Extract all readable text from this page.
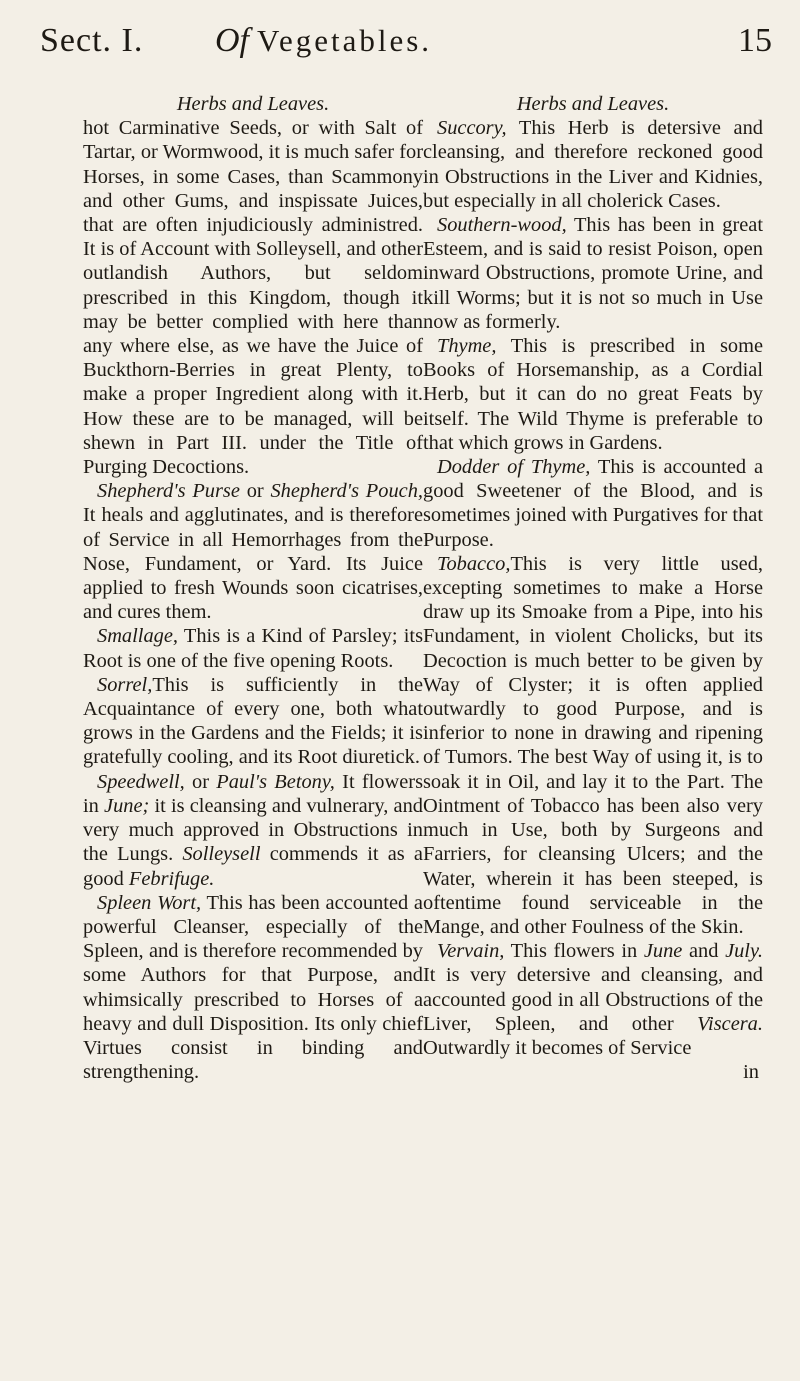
Sect. I. Of Vegetables.	15
Herbs and Leaves.

hot Carminative Seeds, or with Salt of Tartar, or Wormwood, it is much safer for Horses, in some Cases, than Scammony and other Gums, and inspissate Juices, that are often injudiciously administred. It is of Account with Solleysell, and other outlandish Authors, but seldom prescribed in this Kingdom, though it may be better complied with here than any where else, as we have the Juice of Buckthorn-Berries in great Plenty, to make a proper Ingredient along with it. How these are to be managed, will be shewn in Part III. under the Title of Purging Decoctions.

Shepherd's Purse or Shepherd's Pouch, It heals and agglutinates, and is therefore of Service in all Hemorrhages from the Nose, Fundament, or Yard. Its Juice applied to fresh Wounds soon cicatrises, and cures them.

Smallage, This is a Kind of Parsley; its Root is one of the five opening Roots.

Sorrel,This is sufficiently in the Acquaintance of every one, both what grows in the Gardens and the Fields; it is gratefully cooling, and its Root diuretick.

Speedwell, or Paul's Betony, It flowers in June; it is cleansing and vulnerary, and very much approved in Obstructions in the Lungs. Solleysell commends it as a good Febrifuge.

Spleen Wort, This has been accounted a powerful Cleanser, especially of the Spleen, and is therefore recommended by some Authors for that Purpose, and whimsically prescribed to Horses of a heavy and dull Disposition. Its only chief Virtues consist in binding and strengthening.

Herbs and Leaves.

Succory, This Herb is detersive and cleansing, and therefore reckoned good in Obstructions in the Liver and Kidnies, but especially in all cholerick Cases.

Southern-wood, This has been in great Esteem, and is said to resist Poison, open inward Obstructions, promote Urine, and kill Worms; but it is not so much in Use now as formerly.

Thyme, This is prescribed in some Books of Horsemanship, as a Cordial Herb, but it can do no great Feats by itself. The Wild Thyme is preferable to that which grows in Gardens.

Dodder of Thyme, This is accounted a good Sweetener of the Blood, and is sometimes joined with Purgatives for that Purpose.

Tobacco,This is very little used, excepting sometimes to make a Horse draw up its Smoake from a Pipe, into his Fundament, in violent Cholicks, but its Decoction is much better to be given by Way of Clyster; it is often applied outwardly to good Purpose, and is inferior to none in drawing and ripening of Tumors. The best Way of using it, is to soak it in Oil, and lay it to the Part. The Ointment of Tobacco has been also very much in Use, both by Surgeons and Farriers, for cleansing Ulcers; and the Water, wherein it has been steeped, is oftentime found serviceable in the Mange, and other Foulness of the Skin.

Vervain, This flowers in June and July. It is very detersive and cleansing, and accounted good in all Obstructions of the Liver, Spleen, and other Viscera. Outwardly it becomes of Service

in
